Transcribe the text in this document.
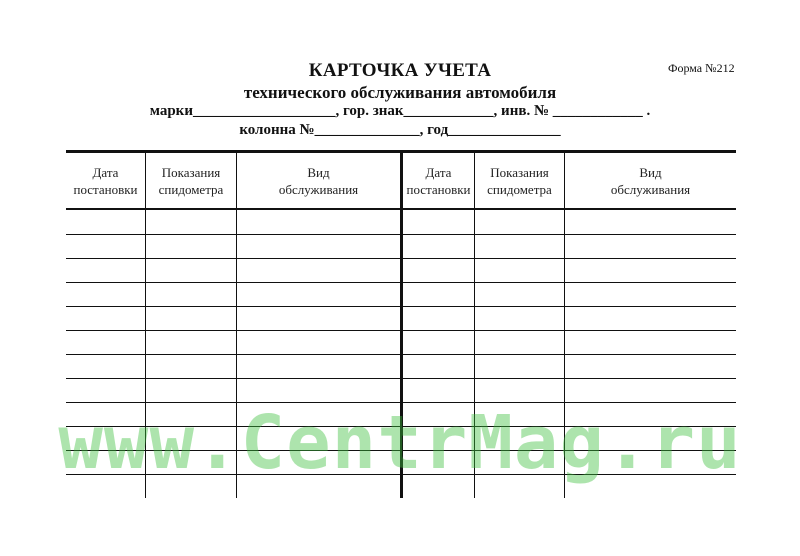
Форма №212
КАРТОЧКА УЧЕТА
технического обслуживания автомобиля
марки___________________, гор. знак____________, инв. № ____________ .
колонна №______________, год_______________
Дата
постановки
Показания
спидометра
Вид
обслуживания
Дата
постановки
Показания
спидометра
Вид
обслуживания
www.CentrMag.ru
